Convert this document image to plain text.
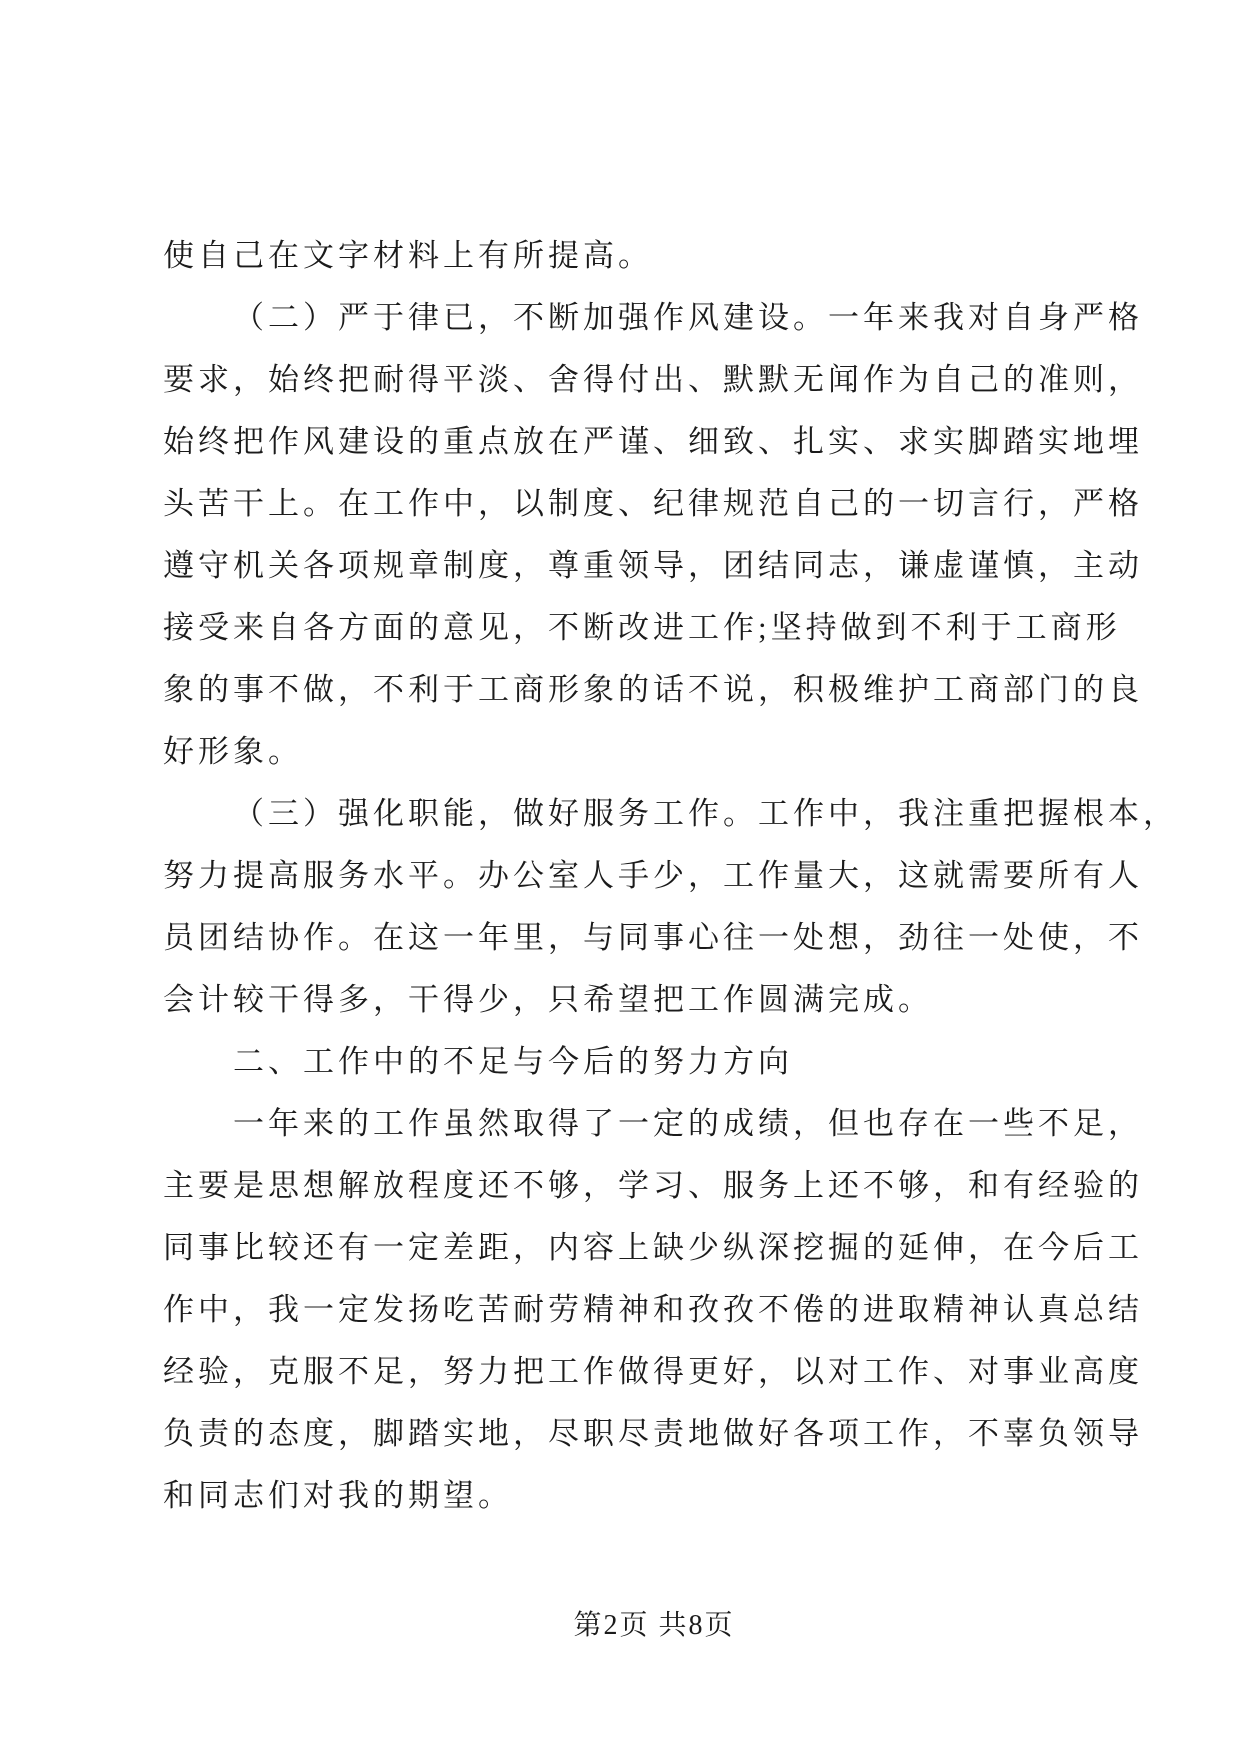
使自己在文字材料上有所提高。
（二）严于律已，不断加强作风建设。一年来我对自身严格
要求，始终把耐得平淡、舍得付出、默默无闻作为自己的准则，
始终把作风建设的重点放在严谨、细致、扎实、求实脚踏实地埋
头苦干上。在工作中，以制度、纪律规范自己的一切言行，严格
遵守机关各项规章制度，尊重领导，团结同志，谦虚谨慎，主动
接受来自各方面的意见，不断改进工作;坚持做到不利于工商形
象的事不做，不利于工商形象的话不说，积极维护工商部门的良
好形象。
（三）强化职能，做好服务工作。工作中，我注重把握根本，
努力提高服务水平。办公室人手少，工作量大，这就需要所有人
员团结协作。在这一年里，与同事心往一处想，劲往一处使，不
会计较干得多，干得少，只希望把工作圆满完成。
二、工作中的不足与今后的努力方向
一年来的工作虽然取得了一定的成绩，但也存在一些不足，
主要是思想解放程度还不够，学习、服务上还不够，和有经验的
同事比较还有一定差距，内容上缺少纵深挖掘的延伸，在今后工
作中，我一定发扬吃苦耐劳精神和孜孜不倦的进取精神认真总结
经验，克服不足，努力把工作做得更好，以对工作、对事业高度
负责的态度，脚踏实地，尽职尽责地做好各项工作，不辜负领导
和同志们对我的期望。
第2页 共8页
